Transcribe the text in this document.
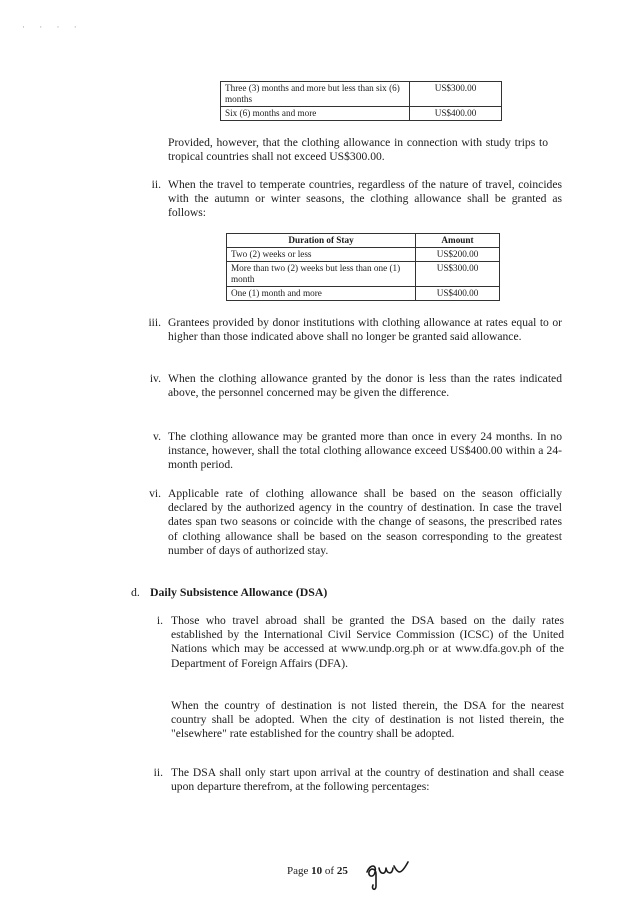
· · · ·
Three (3) months and more but less than six (6) months	US$300.00
Six (6) months and more	US$400.00
Provided, however, that the clothing allowance in connection with study trips to tropical countries shall not exceed US$300.00.
ii. When the travel to temperate countries, regardless of the nature of travel, coincides with the autumn or winter seasons, the clothing allowance shall be granted as follows:
Duration of Stay	Amount
Two (2) weeks or less	US$200.00
More than two (2) weeks but less than one (1) month	US$300.00
One (1) month and more	US$400.00
iii. Grantees provided by donor institutions with clothing allowance at rates equal to or higher than those indicated above shall no longer be granted said allowance.
iv. When the clothing allowance granted by the donor is less than the rates indicated above, the personnel concerned may be given the difference.
v. The clothing allowance may be granted more than once in every 24 months. In no instance, however, shall the total clothing allowance exceed US$400.00 within a 24-month period.
vi. Applicable rate of clothing allowance shall be based on the season officially declared by the authorized agency in the country of destination. In case the travel dates span two seasons or coincide with the change of seasons, the prescribed rates of clothing allowance shall be based on the season corresponding to the greatest number of days of authorized stay.
d. Daily Subsistence Allowance (DSA)
i. Those who travel abroad shall be granted the DSA based on the daily rates established by the International Civil Service Commission (ICSC) of the United Nations which may be accessed at www.undp.org.ph or at www.dfa.gov.ph of the Department of Foreign Affairs (DFA).
When the country of destination is not listed therein, the DSA for the nearest country shall be adopted. When the city of destination is not listed therein, the "elsewhere" rate established for the country shall be adopted.
ii. The DSA shall only start upon arrival at the country of destination and shall cease upon departure therefrom, at the following percentages:
Page 10 of 25
